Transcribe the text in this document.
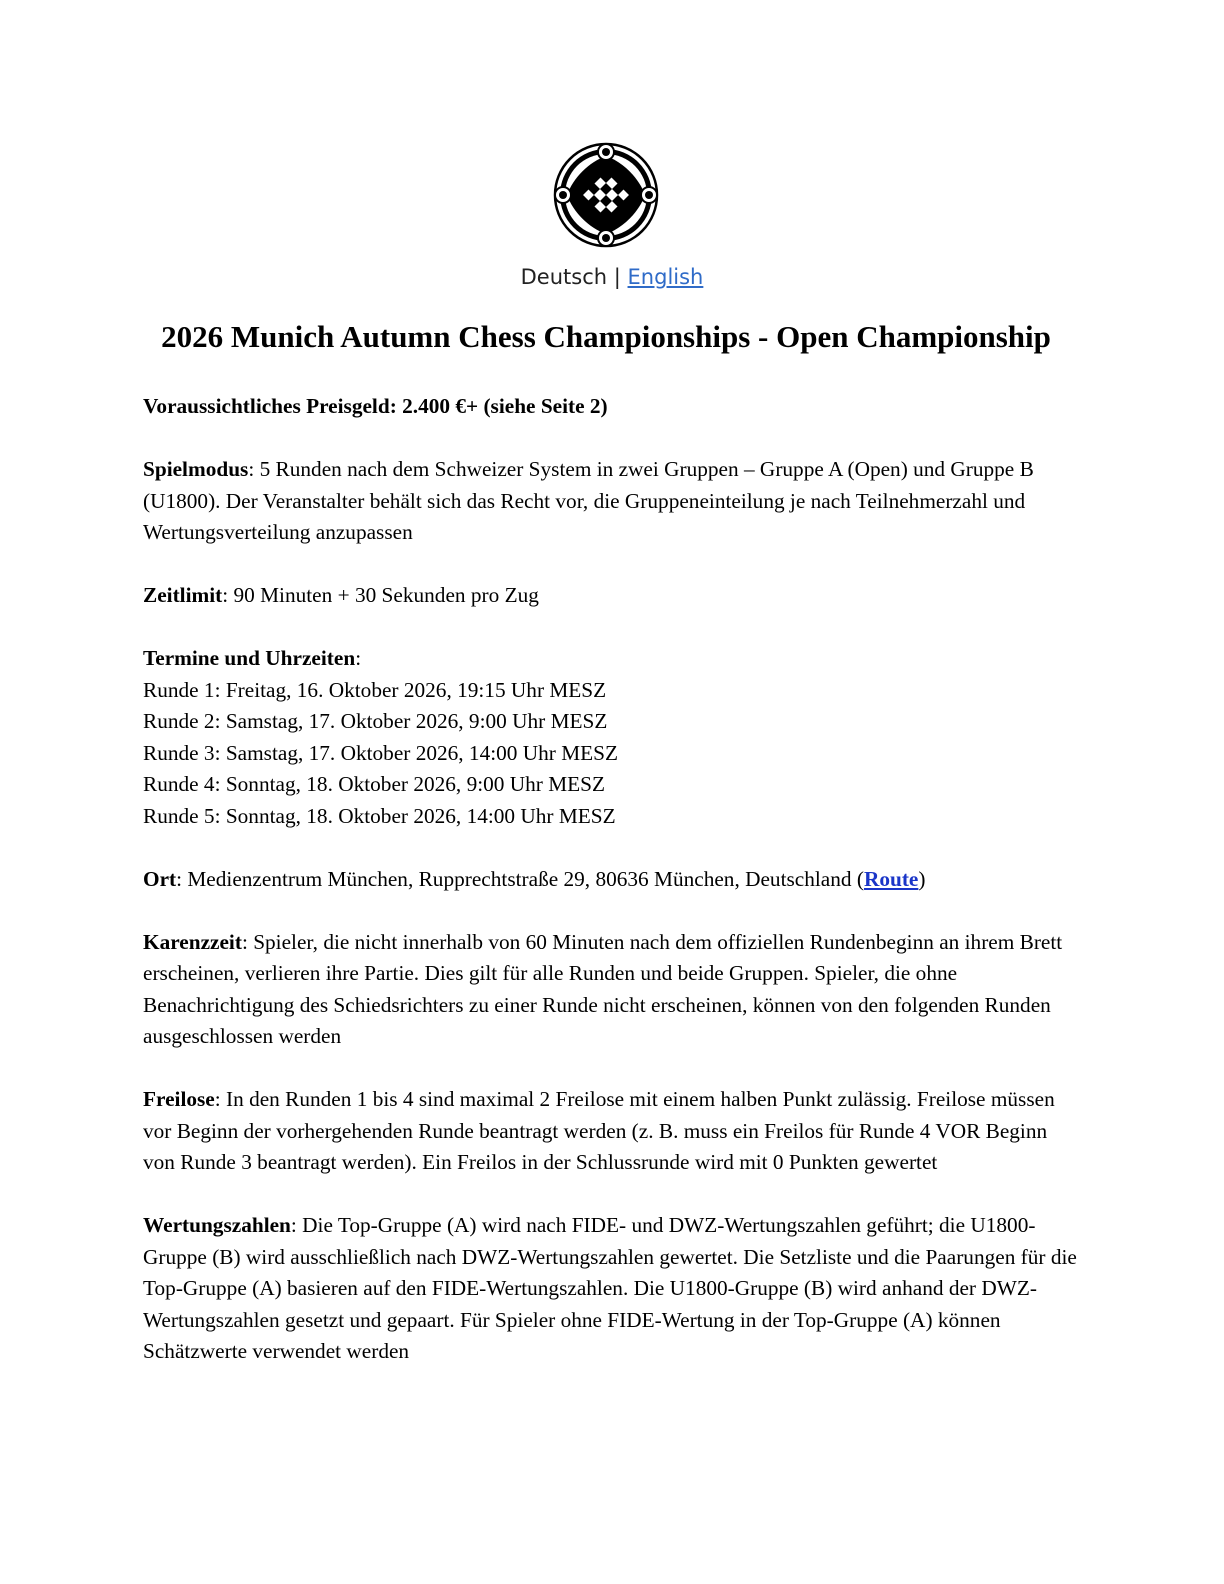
Deutsch | English
2026 Munich Autumn Chess Championships - Open Championship

Voraussichtliches Preisgeld: 2.400 €+ (siehe Seite 2)

Spielmodus: 5 Runden nach dem Schweizer System in zwei Gruppen – Gruppe A (Open) und Gruppe B (U1800). Der Veranstalter behält sich das Recht vor, die Gruppeneinteilung je nach Teilnehmerzahl und Wertungsverteilung anzupassen

Zeitlimit: 90 Minuten + 30 Sekunden pro Zug

Termine und Uhrzeiten:
Runde 1: Freitag, 16. Oktober 2026, 19:15 Uhr MESZ
Runde 2: Samstag, 17. Oktober 2026, 9:00 Uhr MESZ
Runde 3: Samstag, 17. Oktober 2026, 14:00 Uhr MESZ
Runde 4: Sonntag, 18. Oktober 2026, 9:00 Uhr MESZ
Runde 5: Sonntag, 18. Oktober 2026, 14:00 Uhr MESZ

Ort: Medienzentrum München, Rupprechtstraße 29, 80636 München, Deutschland (Route)

Karenzzeit: Spieler, die nicht innerhalb von 60 Minuten nach dem offiziellen Rundenbeginn an ihrem Brett erscheinen, verlieren ihre Partie. Dies gilt für alle Runden und beide Gruppen. Spieler, die ohne Benachrichtigung des Schiedsrichters zu einer Runde nicht erscheinen, können von den folgenden Runden ausgeschlossen werden

Freilose: In den Runden 1 bis 4 sind maximal 2 Freilose mit einem halben Punkt zulässig. Freilose müssen vor Beginn der vorhergehenden Runde beantragt werden (z. B. muss ein Freilos für Runde 4 VOR Beginn von Runde 3 beantragt werden). Ein Freilos in der Schlussrunde wird mit 0 Punkten gewertet

Wertungszahlen: Die Top-Gruppe (A) wird nach FIDE- und DWZ-Wertungszahlen geführt; die U1800-Gruppe (B) wird ausschließlich nach DWZ-Wertungszahlen gewertet. Die Setzliste und die Paarungen für die Top-Gruppe (A) basieren auf den FIDE-Wertungszahlen. Die U1800-Gruppe (B) wird anhand der DWZ-Wertungszahlen gesetzt und gepaart. Für Spieler ohne FIDE-Wertung in der Top-Gruppe (A) können Schätzwerte verwendet werden
